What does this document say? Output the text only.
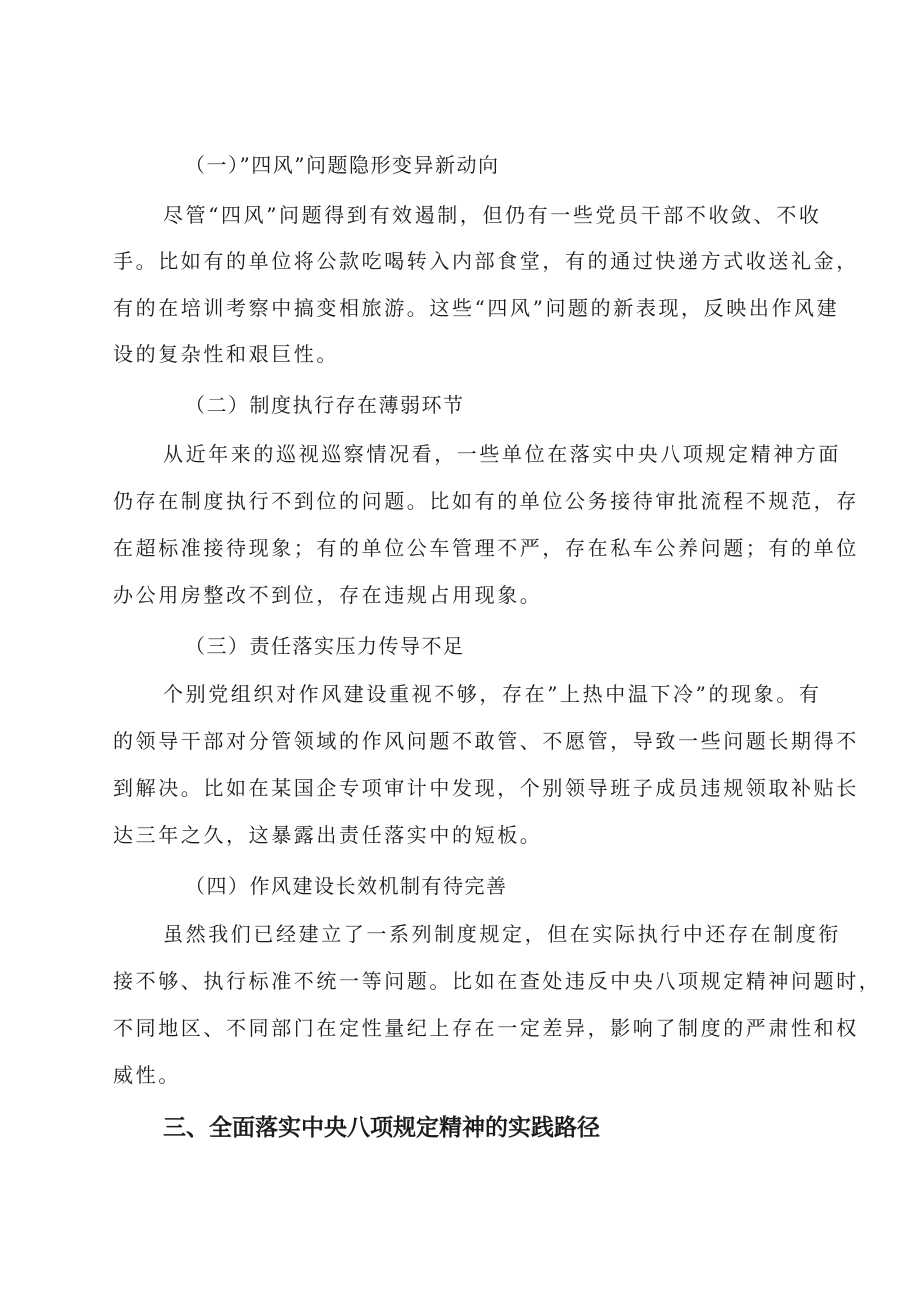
（一）”四风”问题隐形变异新动向
尽管“四风”问题得到有效遏制，但仍有一些党员干部不收敛、不收
手。比如有的单位将公款吃喝转入内部食堂，有的通过快递方式收送礼金，
有的在培训考察中搞变相旅游。这些“四风”问题的新表现，反映出作风建
设的复杂性和艰巨性。
（二）制度执行存在薄弱环节
从近年来的巡视巡察情况看，一些单位在落实中央八项规定精神方面
仍存在制度执行不到位的问题。比如有的单位公务接待审批流程不规范，存
在超标准接待现象；有的单位公车管理不严，存在私车公养问题；有的单位
办公用房整改不到位，存在违规占用现象。
（三）责任落实压力传导不足
个别党组织对作风建设重视不够，存在”上热中温下冷”的现象。有
的领导干部对分管领域的作风问题不敢管、不愿管，导致一些问题长期得不
到解决。比如在某国企专项审计中发现，个别领导班子成员违规领取补贴长
达三年之久，这暴露出责任落实中的短板。
（四）作风建设长效机制有待完善
虽然我们已经建立了一系列制度规定，但在实际执行中还存在制度衔
接不够、执行标准不统一等问题。比如在查处违反中央八项规定精神问题时，
不同地区、不同部门在定性量纪上存在一定差异，影响了制度的严肃性和权
威性。
三、全面落实中央八项规定精神的实践路径
